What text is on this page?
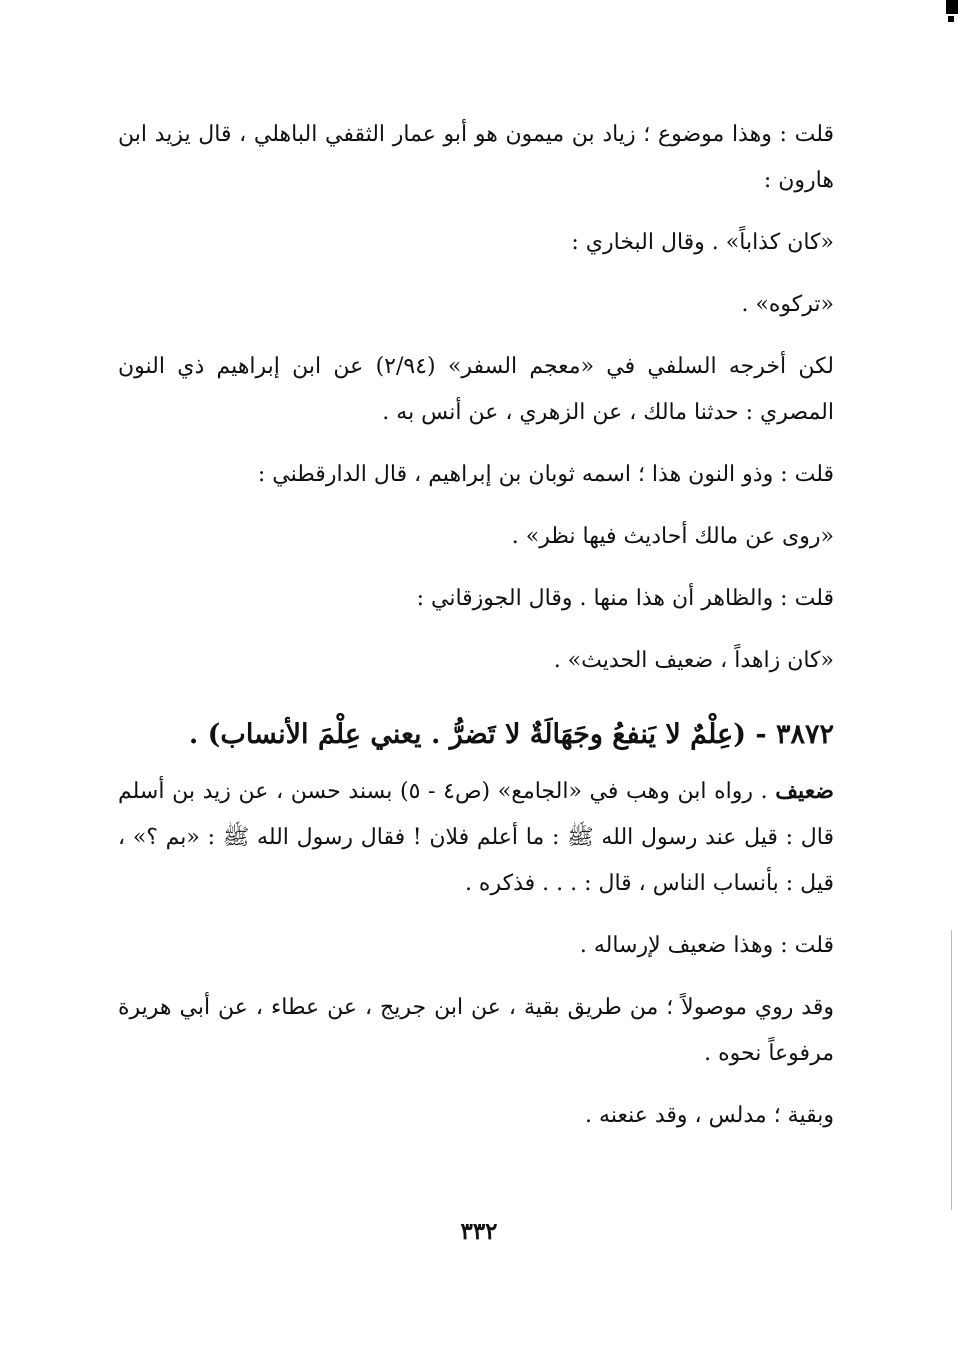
قلت : وهذا موضوع ؛ زياد بن ميمون هو أبو عمار الثقفي الباهلي ، قال يزيد ابن هارون :

«كان كذاباً» . وقال البخاري :

«تركوه» .

لكن أخرجه السلفي في «معجم السفر» (٢/٩٤) عن ابن إبراهيم ذي النون المصري : حدثنا مالك ، عن الزهري ، عن أنس به .

قلت : وذو النون هذا ؛ اسمه ثوبان بن إبراهيم ، قال الدارقطني :

«روى عن مالك أحاديث فيها نظر» .

قلت : والظاهر أن هذا منها . وقال الجوزقاني :

«كان زاهداً ، ضعيف الحديث» .

٣٨٧٢ - (عِلْمٌ لا يَنفعُ وجَهَالَةٌ لا تَضرُّ . يعني عِلْمَ الأنساب) .

ضعيف . رواه ابن وهب في «الجامع» (ص٤ - ٥) بسند حسن ، عن زيد بن أسلم قال : قيل عند رسول الله ﷺ : ما أعلم فلان ! فقال رسول الله ﷺ : «بم ؟» ، قيل : بأنساب الناس ، قال : . . . فذكره .

قلت : وهذا ضعيف لإرساله .

وقد روي موصولاً ؛ من طريق بقية ، عن ابن جريج ، عن عطاء ، عن أبي هريرة مرفوعاً نحوه .

وبقية ؛ مدلس ، وقد عنعنه .

٣٣٢
